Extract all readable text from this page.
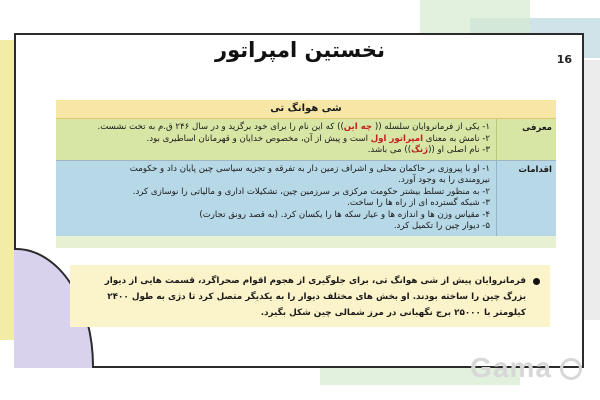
16
نخستین امپراتور
شی هوانگ تی
معرفی
۱- یکی از فرمانروایان سلسله (( چه این)) که این نام را برای خود برگزید و در سال ۲۴۶ ق.م به تخت نشست.
۲- نامش به معنای امپراتور اول است و پیش از آن، مخصوص خدایان و قهرمانان اساطیری بود.
۳- نام اصلی او ((ژنگ)) می باشد.
اقدامات
۱- او با پیروزی بر حاکمان محلی و اشراف زمین دار به تفرقه و تجزیه سیاسی چین پایان داد و حکومت
نیرومندی را به وجود آورد.
۲- به منظور تسلط بیشتر حکومت مرکزی بر سرزمین چین، تشکیلات اداری و مالیاتی را نوسازی کرد.
۳- شبکه گسترده ای از راه ها را ساخت.
۴- مقیاس وزن ها و اندازه ها و عیار سکه ها را یکسان کرد. (به قصد رونق تجارت)
۵- دیوار چین را تکمیل کرد.
فرمانروایان پیش از شی هوانگ تی، برای جلوگیری از هجوم اقوام صحراگرد، قسمت هایی از دیوار بزرگ چین را ساخته بودند. او بخش های مختلف دیوار را به یکدیگر متصل کرد تا دژی به طول ۲۴۰۰ کیلومتر با ۲۵۰۰۰ برج نگهبانی در مرز شمالی چین شکل بگیرد.
Gama
